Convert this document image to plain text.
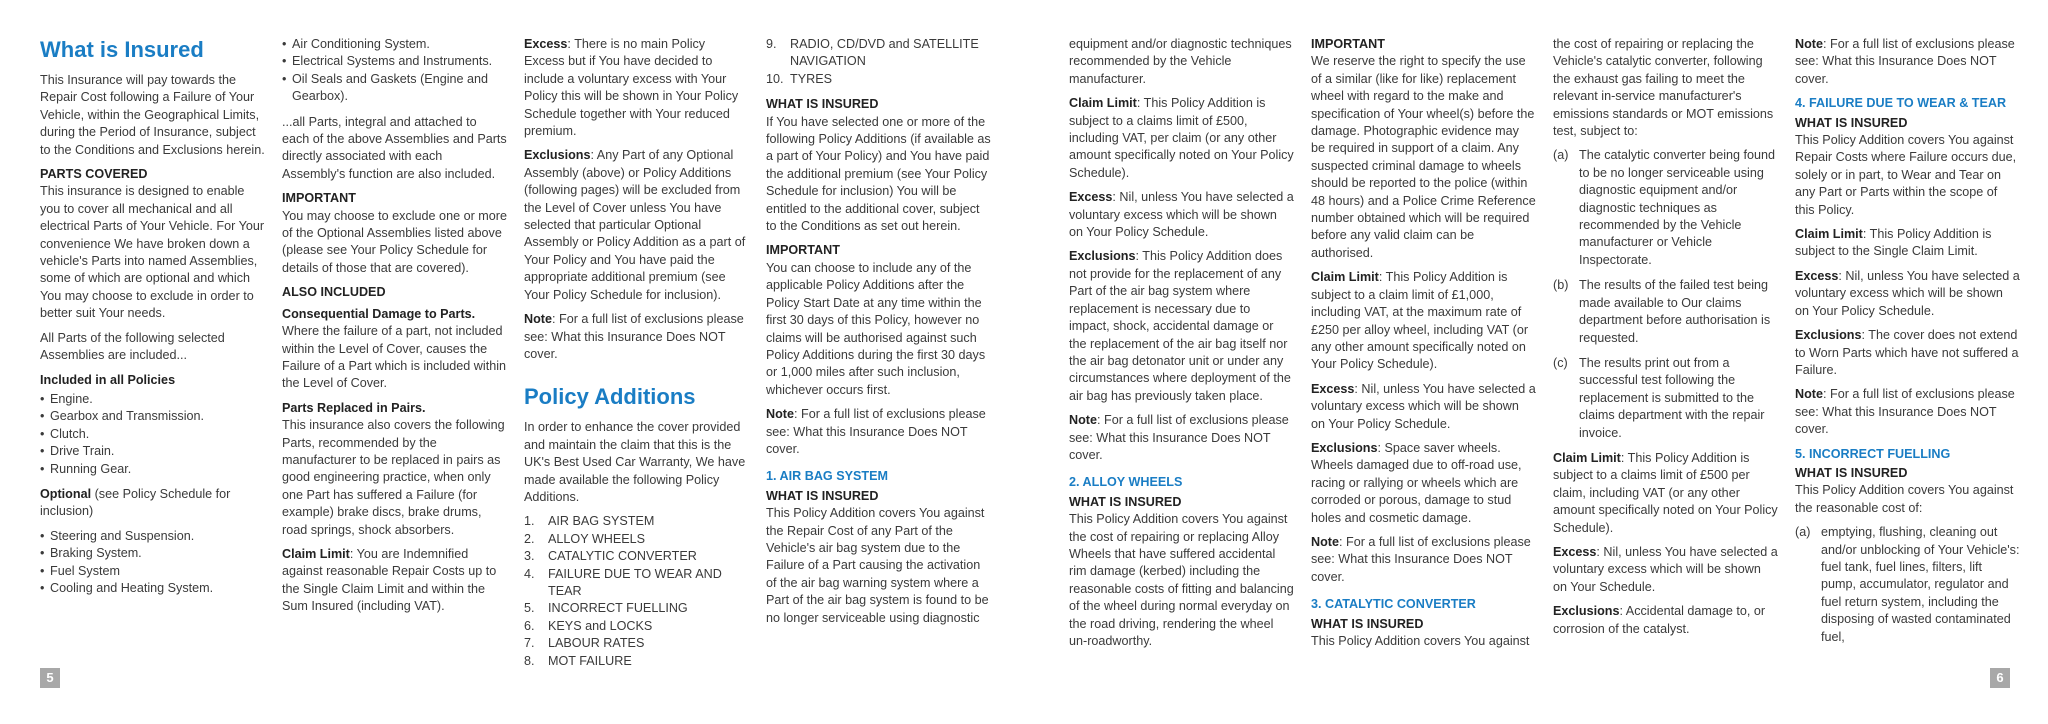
What is Insured

This Insurance will pay towards the Repair Cost following a Failure of Your Vehicle, within the Geographical Limits, during the Period of Insurance, subject to the Conditions and Exclusions herein.

PARTS COVERED

This insurance is designed to enable you to cover all mechanical and all electrical Parts of Your Vehicle. For Your convenience We have broken down a vehicle's Parts into named Assemblies, some of which are optional and which You may choose to exclude in order to better suit Your needs.

All Parts of the following selected Assemblies are included...

Included in all Policies
• Engine.
• Gearbox and Transmission.
• Clutch.
• Drive Train.
• Running Gear.

Optional (see Policy Schedule for inclusion)

• Steering and Suspension.
• Braking System.
• Fuel System
• Cooling and Heating System.
• Air Conditioning System.
• Electrical Systems and Instruments.
• Oil Seals and Gaskets (Engine and Gearbox).

...all Parts, integral and attached to each of the above Assemblies and Parts directly associated with each Assembly's function are also included.

IMPORTANT

You may choose to exclude one or more of the Optional Assemblies listed above (please see Your Policy Schedule for details of those that are covered).

ALSO INCLUDED
Consequential Damage to Parts.

Where the failure of a part, not included within the Level of Cover, causes the Failure of a Part which is included within the Level of Cover.

Parts Replaced in Pairs.

This insurance also covers the following Parts, recommended by the manufacturer to be replaced in pairs as good engineering practice, when only one Part has suffered a Failure (for example) brake discs, brake drums, road springs, shock absorbers.

Claim Limit: You are Indemnified against reasonable Repair Costs up to the Single Claim Limit and within the Sum Insured (including VAT).

Excess: There is no main Policy Excess but if You have decided to include a voluntary excess with Your Policy this will be shown in Your Policy Schedule together with Your reduced premium.

Exclusions: Any Part of any Optional Assembly (above) or Policy Additions (following pages) will be excluded from the Level of Cover unless You have selected that particular Optional Assembly or Policy Addition as a part of Your Policy and You have paid the appropriate additional premium (see Your Policy Schedule for inclusion).

Note: For a full list of exclusions please see: What this Insurance Does NOT cover.

Policy Additions

In order to enhance the cover provided and maintain the claim that this is the UK's Best Used Car Warranty, We have made available the following Policy Additions.

1. AIR BAG SYSTEM
2. ALLOY WHEELS
3. CATALYTIC CONVERTER
4. FAILURE DUE TO WEAR AND TEAR
5. INCORRECT FUELLING
6. KEYS and LOCKS
7. LABOUR RATES
8. MOT FAILURE
9. RADIO, CD/DVD and SATELLITE NAVIGATION
10. TYRES
WHAT IS INSURED

If You have selected one or more of the following Policy Additions (if available as a part of Your Policy) and You have paid the additional premium (see Your Policy Schedule for inclusion) You will be entitled to the additional cover, subject to the Conditions as set out herein.

IMPORTANT

You can choose to include any of the applicable Policy Additions after the Policy Start Date at any time within the first 30 days of this Policy, however no claims will be authorised against such Policy Additions during the first 30 days or 1,000 miles after such inclusion, whichever occurs first.

Note: For a full list of exclusions please see: What this Insurance Does NOT cover.

1. AIR BAG SYSTEM
WHAT IS INSURED

This Policy Addition covers You against the Repair Cost of any Part of the Vehicle's air bag system due to the Failure of a Part causing the activation of the air bag warning system where a Part of the air bag system is found to be no longer serviceable using diagnostic

equipment and/or diagnostic techniques recommended by the Vehicle manufacturer.

Claim Limit: This Policy Addition is subject to a claims limit of £500, including VAT, per claim (or any other amount specifically noted on Your Policy Schedule).

Excess: Nil, unless You have selected a voluntary excess which will be shown on Your Policy Schedule.

Exclusions: This Policy Addition does not provide for the replacement of any Part of the air bag system where replacement is necessary due to impact, shock, accidental damage or the replacement of the air bag itself nor the air bag detonator unit or under any circumstances where deployment of the air bag has previously taken place.

Note: For a full list of exclusions please see: What this Insurance Does NOT cover.

2. ALLOY WHEELS
WHAT IS INSURED

This Policy Addition covers You against the cost of repairing or replacing Alloy Wheels that have suffered accidental rim damage (kerbed) including the reasonable costs of fitting and balancing of the wheel during normal everyday on the road driving, rendering the wheel un-roadworthy.

IMPORTANT

We reserve the right to specify the use of a similar (like for like) replacement wheel with regard to the make and specification of Your wheel(s) before the damage. Photographic evidence may be required in support of a claim. Any suspected criminal damage to wheels should be reported to the police (within 48 hours) and a Police Crime Reference number obtained which will be required before any valid claim can be authorised.

Claim Limit: This Policy Addition is subject to a claim limit of £1,000, including VAT, at the maximum rate of £250 per alloy wheel, including VAT (or any other amount specifically noted on Your Policy Schedule).

Excess: Nil, unless You have selected a voluntary excess which will be shown on Your Policy Schedule.

Exclusions: Space saver wheels. Wheels damaged due to off-road use, racing or rallying or wheels which are corroded or porous, damage to stud holes and cosmetic damage.

Note: For a full list of exclusions please see: What this Insurance Does NOT cover.

3. CATALYTIC CONVERTER
WHAT IS INSURED

This Policy Addition covers You against

the cost of repairing or replacing the Vehicle's catalytic converter, following the exhaust gas failing to meet the relevant in-service manufacturer's emissions standards or MOT emissions test, subject to:

(a) The catalytic converter being found to be no longer serviceable using diagnostic equipment and/or diagnostic techniques as recommended by the Vehicle manufacturer or Vehicle Inspectorate.
(b) The results of the failed test being made available to Our claims department before authorisation is requested.
(c) The results print out from a successful test following the replacement is submitted to the claims department with the repair invoice.

Claim Limit: This Policy Addition is subject to a claims limit of £500 per claim, including VAT (or any other amount specifically noted on Your Policy Schedule).

Excess: Nil, unless You have selected a voluntary excess which will be shown on Your Schedule.

Exclusions: Accidental damage to, or corrosion of the catalyst.

Note: For a full list of exclusions please see: What this Insurance Does NOT cover.

4. FAILURE DUE TO WEAR & TEAR
WHAT IS INSURED

This Policy Addition covers You against Repair Costs where Failure occurs due, solely or in part, to Wear and Tear on any Part or Parts within the scope of this Policy.

Claim Limit: This Policy Addition is subject to the Single Claim Limit.

Excess: Nil, unless You have selected a voluntary excess which will be shown on Your Policy Schedule.

Exclusions: The cover does not extend to Worn Parts which have not suffered a Failure.

Note: For a full list of exclusions please see: What this Insurance Does NOT cover.

5. INCORRECT FUELLING
WHAT IS INSURED

This Policy Addition covers You against the reasonable cost of:

(a) emptying, flushing, cleaning out and/or unblocking of Your Vehicle's: fuel tank, fuel lines, filters, lift pump, accumulator, regulator and fuel return system, including the disposing of wasted contaminated fuel,
5	6
